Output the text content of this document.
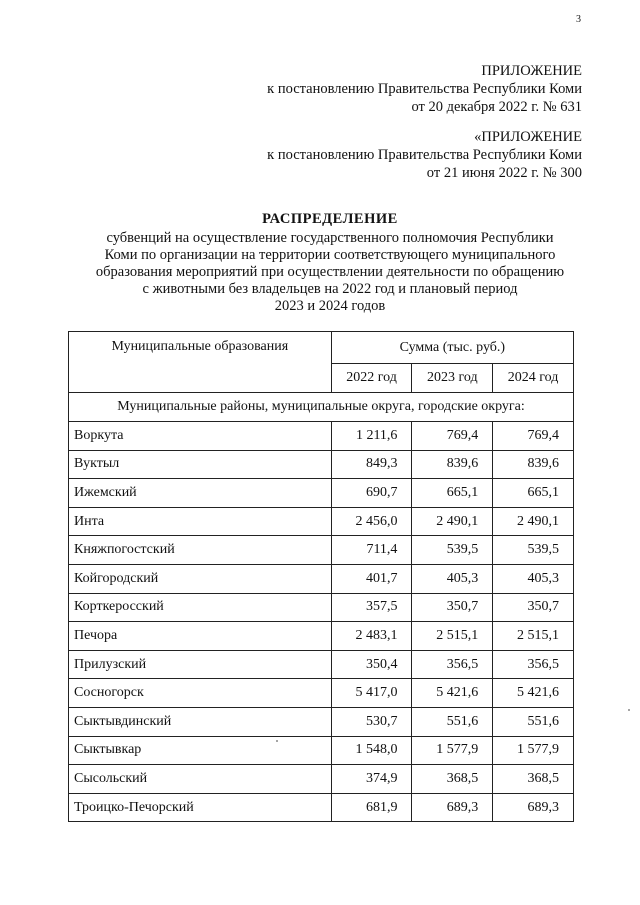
3
ПРИЛОЖЕНИЕ
к постановлению Правительства Республики Коми
от 20 декабря 2022 г. № 631
«ПРИЛОЖЕНИЕ
к постановлению Правительства Республики Коми
от 21 июня 2022 г. № 300
РАСПРЕДЕЛЕНИЕ
субвенций на осуществление государственного полномочия Республики
Коми по организации на территории соответствующего муниципального
образования мероприятий при осуществлении деятельности по обращению
с животными без владельцев на 2022 год и плановый период
2023 и 2024 годов
Муниципальные образования	Сумма (тыс. руб.)		
	2022 год	2023 год	2024 год
Муниципальные районы, муниципальные округа, городские округа:			
Воркута	1 211,6	769,4	769,4
Вуктыл	849,3	839,6	839,6
Ижемский	690,7	665,1	665,1
Инта	2 456,0	2 490,1	2 490,1
Княжпогостский	711,4	539,5	539,5
Койгородский	401,7	405,3	405,3
Корткеросский	357,5	350,7	350,7
Печора	2 483,1	2 515,1	2 515,1
Прилузский	350,4	356,5	356,5
Сосногорск	5 417,0	5 421,6	5 421,6
Сыктывдинский	530,7	551,6	551,6
Сыктывкар	1 548,0	1 577,9	1 577,9
Сысольский	374,9	368,5	368,5
Троицко-Печорский	681,9	689,3	689,3
